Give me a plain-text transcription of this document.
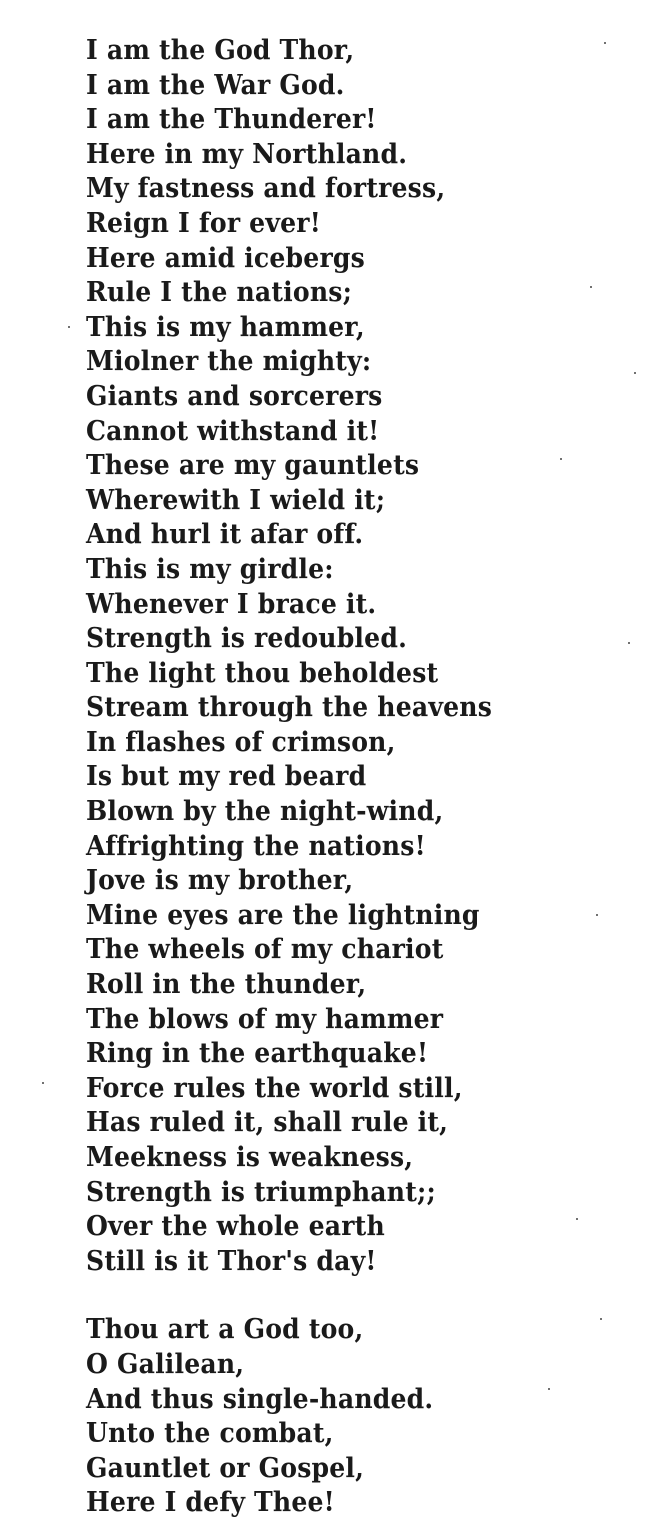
I am the God Thor,
I am the War God.
I am the Thunderer!
Here in my Northland.
My fastness and fortress,
Reign I for ever!
Here amid icebergs
Rule I the nations;
This is my hammer,
Miolner the mighty:
Giants and sorcerers
Cannot withstand it!
These are my gauntlets
Wherewith I wield it;
And hurl it afar off.
This is my girdle:
Whenever I brace it.
Strength is redoubled.
The light thou beholdest
Stream through the heavens
In flashes of crimson,
Is but my red beard
Blown by the night-wind,
Affrighting the nations!
Jove is my brother,
Mine eyes are the lightning
The wheels of my chariot
Roll in the thunder,
The blows of my hammer
Ring in the earthquake!
Force rules the world still,
Has ruled it, shall rule it,
Meekness is weakness,
Strength is triumphant;;
Over the whole earth
Still is it Thor's day!
Thou art a God too,
O Galilean,
And thus single-handed.
Unto the combat,
Gauntlet or Gospel,
Here I defy Thee!
